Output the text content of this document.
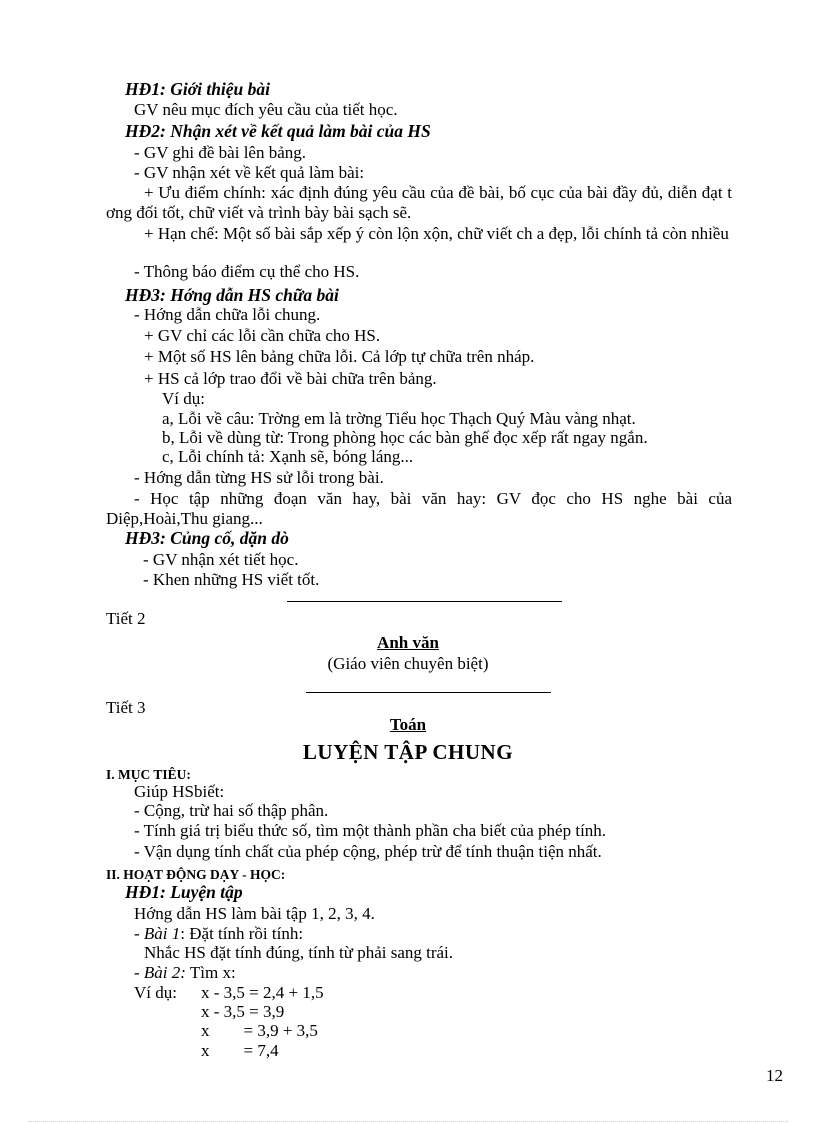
HĐ1: Giới thiệu bài
GV nêu mục đích yêu cầu của tiết học.
HĐ2: Nhận xét về kết quả làm bài của HS
- GV ghi đề bài lên bảng.
- GV nhận xét về kết quả làm bài:
+ Ưu điểm chính: xác định đúng yêu cầu của đề bài, bố cục của bài đầy đủ, diễn đạt t ơng đối tốt, chữ viết và trình bày bài sạch sẽ.
+ Hạn chế: Một số bài sắp xếp ý còn lộn xộn, chữ viết ch a đẹp, lỗi chính tả còn nhiều
- Thông báo điểm cụ thể cho HS.
HĐ3: Hớng dẫn HS chữa bài
- Hớng dẫn chữa lỗi chung.
+ GV chỉ các lỗi cần chữa cho HS.
+ Một số HS lên bảng chữa lỗi. Cả lớp tự chữa trên nháp.
+ HS cả lớp trao đổi về bài chữa trên bảng.
Ví dụ:
a, Lỗi về câu: Trờng em là trờng Tiểu học Thạch Quý Màu vàng nhạt.
b, Lỗi về dùng từ: Trong phòng học các bàn ghế đọc xếp rất ngay ngắn.
c, Lỗi chính tả: Xạnh sẽ, bóng láng...
- Hớng dẫn từng HS sử lỗi trong bài.
- Học tập những đoạn văn hay, bài văn hay: GV đọc cho HS nghe bài của Diệp,Hoài,Thu giang...
HĐ3: Củng cố, dặn dò
- GV nhận xét tiết học.
- Khen những HS viết tốt.
Tiết 2
Anh văn
(Giáo viên chuyên biệt)
Tiết 3
Toán
LUYỆN TẬP CHUNG
I. MỤC TIÊU:
Giúp HSbiết:
- Cộng, trừ hai số thập phân.
- Tính giá trị biểu thức số, tìm một thành phần cha biết của phép tính.
- Vận dụng tính chất của phép cộng, phép trừ để tính thuận tiện nhất.
II. HOẠT ĐỘNG DẠY - HỌC:
HĐ1: Luyện tập
Hớng dẫn HS làm bài tập 1, 2, 3, 4.
- Bài 1: Đặt tính rồi tính:
Nhắc HS đặt tính đúng, tính từ phải sang trái.
- Bài 2: Tìm x:
Ví dụ: x - 3,5 = 2,4 + 1,5
x - 3,5 = 3,9
x        = 3,9 + 3,5
x        = 7,4
12
